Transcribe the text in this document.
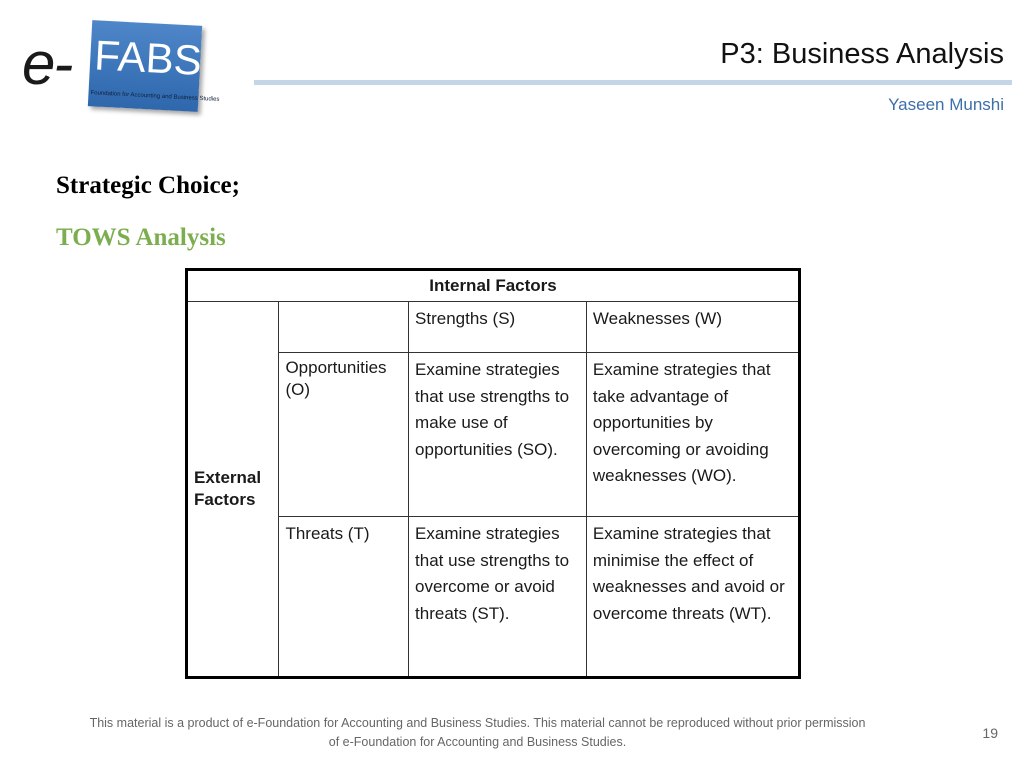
e- FABS
Foundation for Accounting and Business Studies
P3: Business Analysis
Yaseen Munshi
Strategic Choice;
TOWS Analysis
Internal Factors			
External Factors		Strengths (S)	Weaknesses (W)
	Opportunities (O)	Examine strategies that use strengths to make use of opportunities (SO).	Examine strategies that take advantage of opportunities by overcoming or avoiding weaknesses (WO).
	Threats (T)	Examine strategies that use strengths to overcome or avoid threats (ST).	Examine strategies that minimise the effect of weaknesses and avoid or overcome threats (WT).
This material is a product of e-Foundation for Accounting and Business Studies. This material cannot be reproduced without prior permission
of e-Foundation for Accounting and Business Studies.
19
